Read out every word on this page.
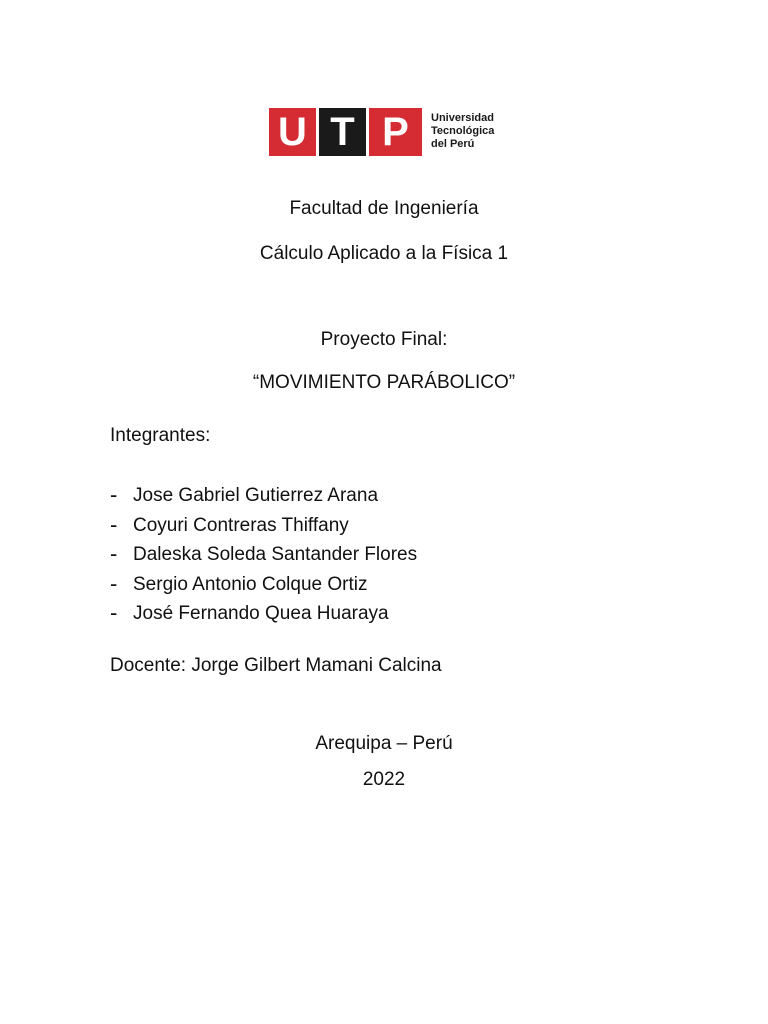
U T P	Universidad
Tecnológica
del Perú
Facultad de Ingeniería
Cálculo Aplicado a la Física 1
Proyecto Final:
“MOVIMIENTO PARÁBOLICO”
Integrantes:
- Jose Gabriel Gutierrez Arana
- Coyuri Contreras Thiffany
- Daleska Soleda Santander Flores
- Sergio Antonio Colque Ortiz
- José Fernando Quea Huaraya
Docente: Jorge Gilbert Mamani Calcina
Arequipa – Perú
2022
